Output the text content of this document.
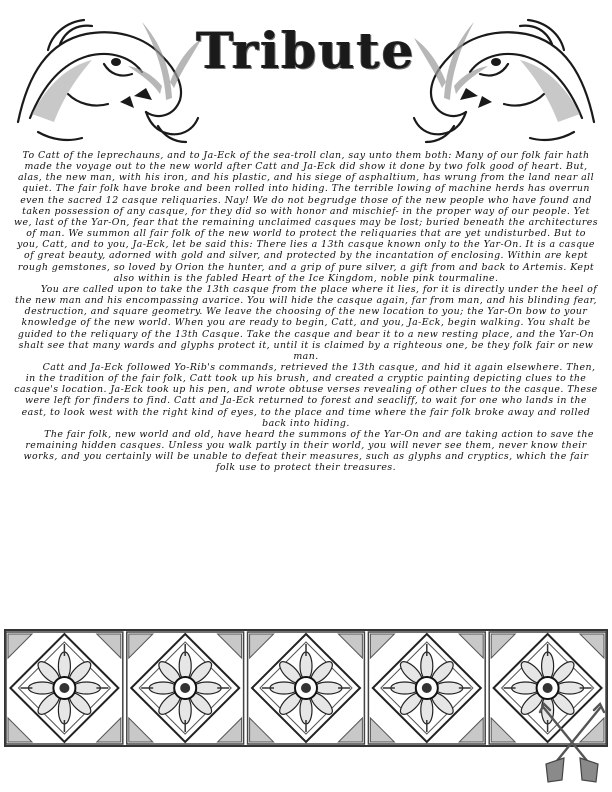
Tribute

To Catt of the leprechauns, and to Ja-Eck of the sea-troll clan, say unto them both: Many of our folk fair hath made the voyage out to the new world after Catt and Ja-Eck did show it done by two folk good of heart. But, alas, the new man, with his iron, and his plastic, and his siege of asphaltium, has wrung from the land near all quiet. The fair folk have broke and been rolled into hiding. The terrible lowing of machine herds has overrun even the sacred 12 casque reliquaries. Nay! We do not begrudge those of the new people who have found and taken possession of any casque, for they did so with honor and mischief- in the proper way of our people. Yet we, last of the Yar-On, fear that the remaining unclaimed casques may be lost; buried beneath the architectures of man. We summon all fair folk of the new world to protect the reliquaries that are yet undisturbed. But to you, Catt, and to you, Ja-Eck, let be said this: There lies a 13th casque known only to the Yar-On. It is a casque of great beauty, adorned with gold and silver, and protected by the incantation of enclosing. Within are kept rough gemstones, so loved by Orion the hunter, and a grip of pure silver, a gift from and back to Artemis. Kept also within is the fabled Heart of the Ice Kingdom, noble pink tourmaline.

You are called upon to take the 13th casque from the place where it lies, for it is directly under the heel of the new man and his encompassing avarice. You will hide the casque again, far from man, and his blinding fear, destruction, and square geometry. We leave the choosing of the new location to you; the Yar-On bow to your knowledge of the new world. When you are ready to begin, Catt, and you, Ja-Eck, begin walking. You shalt be guided to the reliquary of the 13th Casque. Take the casque and bear it to a new resting place, and the Yar-On shalt see that many wards and glyphs protect it, until it is claimed by a righteous one, be they folk fair or new man.

Catt and Ja-Eck followed Yo-Rib's commands, retrieved the 13th casque, and hid it again elsewhere. Then, in the tradition of the fair folk, Catt took up his brush, and created a cryptic painting depicting clues to the casque's location. Ja-Eck took up his pen, and wrote obtuse verses revealing of other clues to the casque. These were left for finders to find. Catt and Ja-Eck returned to forest and seacliff, to wait for one who lands in the east, to look west with the right kind of eyes, to the place and time where the fair folk broke away and rolled back into hiding.

The fair folk, new world and old, have heard the summons of the Yar-On and are taking action to save the remaining hidden casques. Unless you walk partly in their world, you will never see them, never know their works, and you certainly will be unable to defeat their measures, such as glyphs and cryptics, which the fair folk use to protect their treasures.
